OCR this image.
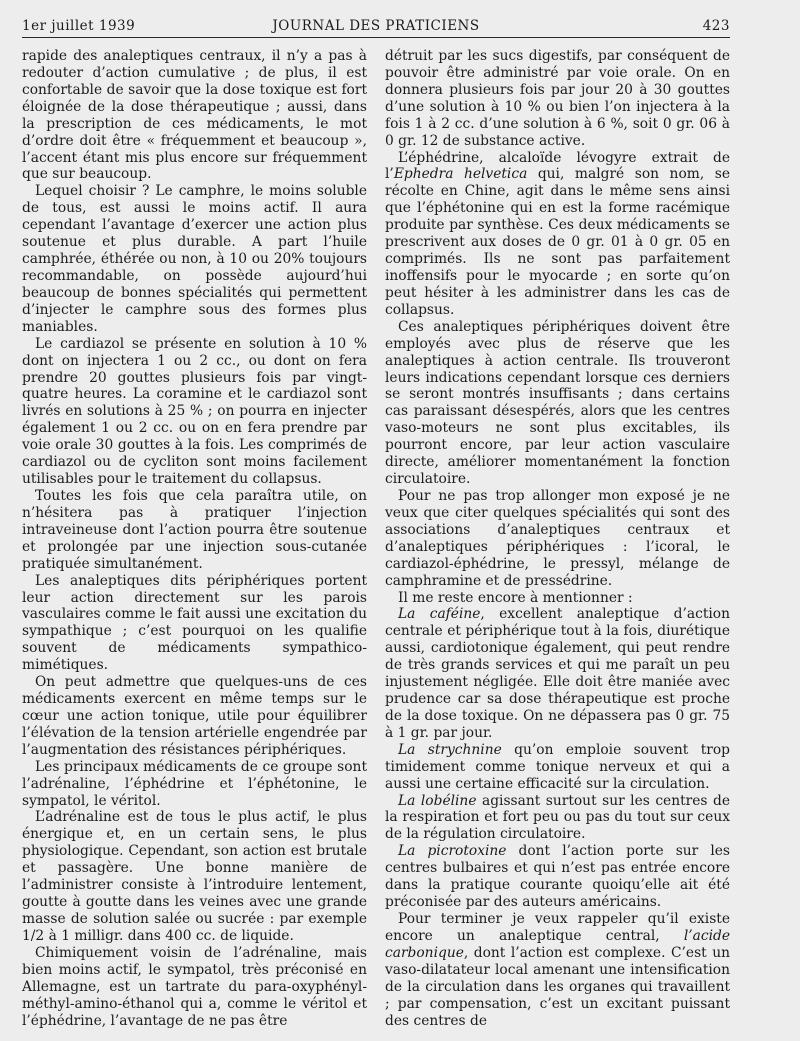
1er juillet 1939	JOURNAL DES PRATICIENS	423

rapide des analeptiques centraux, il n’y a pas à redouter d’action cumulative ; de plus, il est confortable de savoir que la dose toxique est fort éloignée de la dose thérapeutique ; aussi, dans la prescription de ces médicaments, le mot d’ordre doit être « fréquemment et beaucoup », l’accent étant mis plus encore sur fréquemment que sur beaucoup.

Lequel choisir ? Le camphre, le moins soluble de tous, est aussi le moins actif. Il aura cependant l’avantage d’exercer une action plus soutenue et plus durable. A part l’huile camphrée, éthérée ou non, à 10 ou 20% toujours recommandable, on possède aujourd’hui beaucoup de bonnes spécialités qui permettent d’injecter le camphre sous des formes plus maniables.

Le cardiazol se présente en solution à 10 % dont on injectera 1 ou 2 cc., ou dont on fera prendre 20 gouttes plusieurs fois par vingt-quatre heures. La coramine et le cardiazol sont livrés en solutions à 25 % ; on pourra en injecter également 1 ou 2 cc. ou on en fera prendre par voie orale 30 gouttes à la fois. Les comprimés de cardiazol ou de cycliton sont moins facilement utilisables pour le traitement du collapsus.

Toutes les fois que cela paraîtra utile, on n’hésitera pas à pratiquer l’injection intraveineuse dont l’action pourra être soutenue et prolongée par une injection sous-cutanée pratiquée simultanément.

Les analeptiques dits périphériques portent leur action directement sur les parois vasculaires comme le fait aussi une excitation du sympathique ; c’est pourquoi on les qualifie souvent de médicaments sympathico-mimétiques.

On peut admettre que quelques-uns de ces médicaments exercent en même temps sur le cœur une action tonique, utile pour équilibrer l’élévation de la tension artérielle engendrée par l’augmentation des résistances périphériques.

Les principaux médicaments de ce groupe sont l’adrénaline, l’éphédrine et l’éphétonine, le sympatol, le véritol.

L’adrénaline est de tous le plus actif, le plus énergique et, en un certain sens, le plus physiologique. Cependant, son action est brutale et passagère. Une bonne manière de l’administrer consiste à l’introduire lentement, goutte à goutte dans les veines avec une grande masse de solution salée ou sucrée : par exemple 1/2 à 1 milligr. dans 400 cc. de liquide.

Chimiquement voisin de l’adrénaline, mais bien moins actif, le sympatol, très préconisé en Allemagne, est un tartrate du para-oxyphényl-méthyl-amino-éthanol qui a, comme le véritol et l’éphédrine, l’avantage de ne pas être

détruit par les sucs digestifs, par conséquent de pouvoir être administré par voie orale. On en donnera plusieurs fois par jour 20 à 30 gouttes d’une solution à 10 % ou bien l’on injectera à la fois 1 à 2 cc. d’une solution à 6 %, soit 0 gr. 06 à 0 gr. 12 de substance active.

L’éphédrine, alcaloïde lévogyre extrait de l’Ephedra helvetica qui, malgré son nom, se récolte en Chine, agit dans le même sens ainsi que l’éphétonine qui en est la forme racémique produite par synthèse. Ces deux médicaments se prescrivent aux doses de 0 gr. 01 à 0 gr. 05 en comprimés. Ils ne sont pas parfaitement inoffensifs pour le myocarde ; en sorte qu’on peut hésiter à les administrer dans les cas de collapsus.

Ces analeptiques périphériques doivent être employés avec plus de réserve que les analeptiques à action centrale. Ils trouveront leurs indications cependant lorsque ces derniers se seront montrés insuffisants ; dans certains cas paraissant désespérés, alors que les centres vaso-moteurs ne sont plus excitables, ils pourront encore, par leur action vasculaire directe, améliorer momentanément la fonction circulatoire.

Pour ne pas trop allonger mon exposé je ne veux que citer quelques spécialités qui sont des associations d’analeptiques centraux et d’analeptiques périphériques : l’icoral, le cardiazol-éphédrine, le pressyl, mélange de camphramine et de pressédrine.

Il me reste encore à mentionner :

La caféine, excellent analeptique d’action centrale et périphérique tout à la fois, diurétique aussi, cardiotonique également, qui peut rendre de très grands services et qui me paraît un peu injustement négligée. Elle doit être maniée avec prudence car sa dose thérapeutique est proche de la dose toxique. On ne dépassera pas 0 gr. 75 à 1 gr. par jour.

La strychnine qu’on emploie souvent trop timidement comme tonique nerveux et qui a aussi une certaine efficacité sur la circulation.

La lobéline agissant surtout sur les centres de la respiration et fort peu ou pas du tout sur ceux de la régulation circulatoire.

La picrotoxine dont l’action porte sur les centres bulbaires et qui n’est pas entrée encore dans la pratique courante quoiqu’elle ait été préconisée par des auteurs américains.

Pour terminer je veux rappeler qu’il existe encore un analeptique central, l’acide carbonique, dont l’action est complexe. C’est un vaso-dilatateur local amenant une intensification de la circulation dans les organes qui travaillent ; par compensation, c’est un excitant puissant des centres de
